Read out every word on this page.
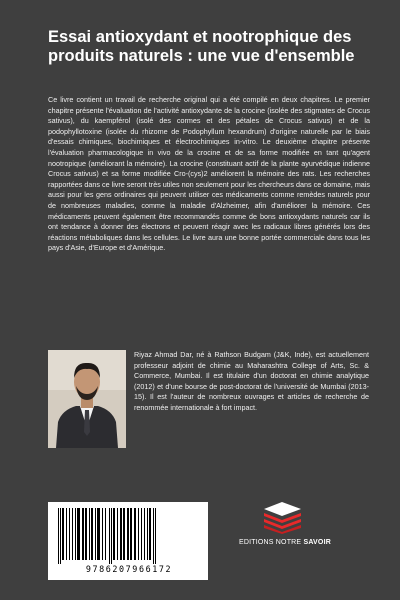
Essai antioxydant et nootrophique des produits naturels : une vue d'ensemble

Ce livre contient un travail de recherche original qui a été compilé en deux chapitres. Le premier chapitre présente l'évaluation de l'activité antioxydante de la crocine (isolée des stigmates de Crocus sativus), du kaempférol (isolé des cormes et des pétales de Crocus sativus) et de la podophyllotoxine (isolée du rhizome de Podophyllum hexandrum) d'origine naturelle par le biais d'essais chimiques, biochimiques et électrochimiques in-vitro. Le deuxième chapitre présente l'évaluation pharmacologique in vivo de la crocine et de sa forme modifiée en tant qu'agent nootropique (améliorant la mémoire). La crocine (constituant actif de la plante ayurvédique indienne Crocus sativus) et sa forme modifiée Cro-(cys)2 améliorent la mémoire des rats. Les recherches rapportées dans ce livre seront très utiles non seulement pour les chercheurs dans ce domaine, mais aussi pour les gens ordinaires qui peuvent utiliser ces médicaments comme remèdes naturels pour de nombreuses maladies, comme la maladie d'Alzheimer, afin d'améliorer la mémoire. Ces médicaments peuvent également être recommandés comme de bons antioxydants naturels car ils ont tendance à donner des électrons et peuvent réagir avec les radicaux libres générés lors des réactions métaboliques dans les cellules. Le livre aura une bonne portée commerciale dans tous les pays d'Asie, d'Europe et d'Amérique.

Riyaz Ahmad Dar, né à Rathson Budgam (J&K, Inde), est actuellement professeur adjoint de chimie au Maharashtra College of Arts, Sc. & Commerce, Mumbai. Il est titulaire d'un doctorat en chimie analytique (2012) et d'une bourse de post-doctorat de l'université de Mumbai (2013-15). Il est l'auteur de nombreux ouvrages et articles de recherche de renommée internationale à fort impact.

EDITIONS NOTRE SAVOIR
9786207966172
